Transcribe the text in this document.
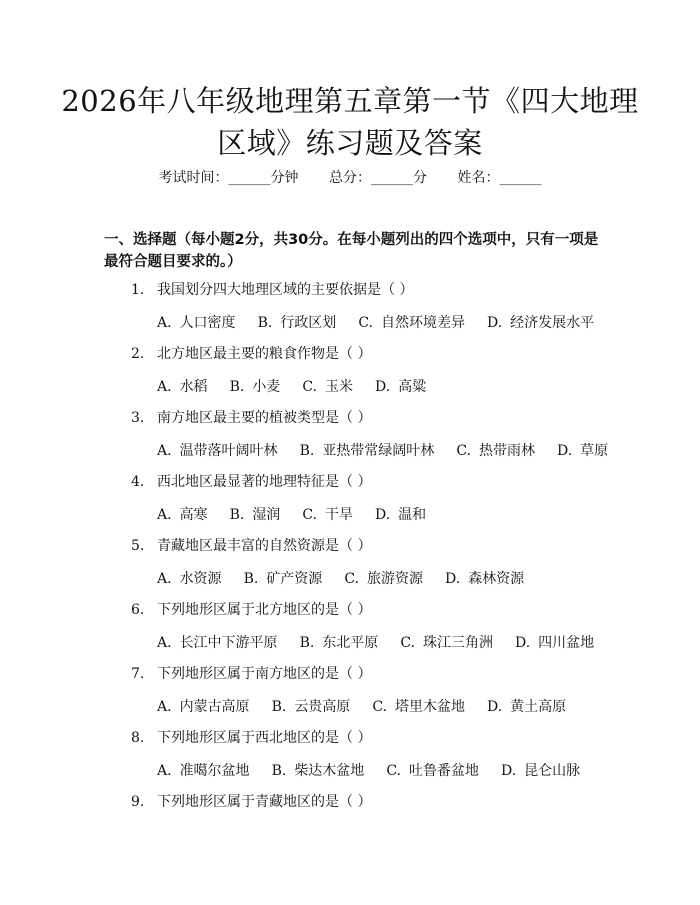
2026年八年级地理第五章第一节《四大地理
区域》练习题及答案
考试时间：______分钟 总分：______分 姓名：______
一、选择题（每小题2分，共30分。在每小题列出的四个选项中，只有一项是最符合题目要求的。）
1. 我国划分四大地理区域的主要依据是（ ）
A. 人口密度 B. 行政区划 C. 自然环境差异 D. 经济发展水平
2. 北方地区最主要的粮食作物是（ ）
A. 水稻 B. 小麦 C. 玉米 D. 高粱
3. 南方地区最主要的植被类型是（ ）
A. 温带落叶阔叶林 B. 亚热带常绿阔叶林 C. 热带雨林 D. 草原
4. 西北地区最显著的地理特征是（ ）
A. 高寒 B. 湿润 C. 干旱 D. 温和
5. 青藏地区最丰富的自然资源是（ ）
A. 水资源 B. 矿产资源 C. 旅游资源 D. 森林资源
6. 下列地形区属于北方地区的是（ ）
A. 长江中下游平原 B. 东北平原 C. 珠江三角洲 D. 四川盆地
7. 下列地形区属于南方地区的是（ ）
A. 内蒙古高原 B. 云贵高原 C. 塔里木盆地 D. 黄土高原
8. 下列地形区属于西北地区的是（ ）
A. 准噶尔盆地 B. 柴达木盆地 C. 吐鲁番盆地 D. 昆仑山脉
9. 下列地形区属于青藏地区的是（ ）
